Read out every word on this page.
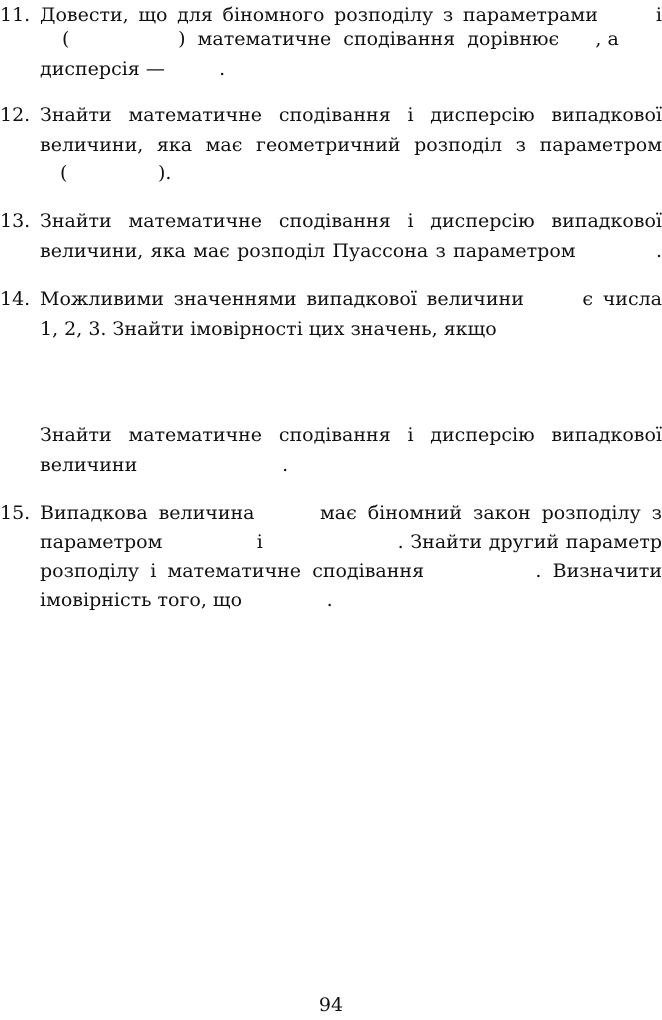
11.

Довести, що для біномного розподілу з параметрами      і

(                  )  математичне  сподівання  дорівнює      , а

дисперсія —         .

12.

Знайти математичне сподівання і дисперсію випадкової

величини, яка має геометричний розподіл з параметром

(               ).

13.

Знайти математичне сподівання і дисперсію випадкової

величини, яка має розподіл Пуассона з параметром           .

14.

Можливими значеннями випадкової величини      є числа

1, 2, 3. Знайти імовірності цих значень, якщо

Знайти математичне сподівання і дисперсію випадкової

величини                        .

15.

Випадкова величина      має біномний закон розподілу з

параметром              і                    . Знайти другий параметр

розподілу і математичне сподівання          . Визначити

імовірність того, що              .

94
